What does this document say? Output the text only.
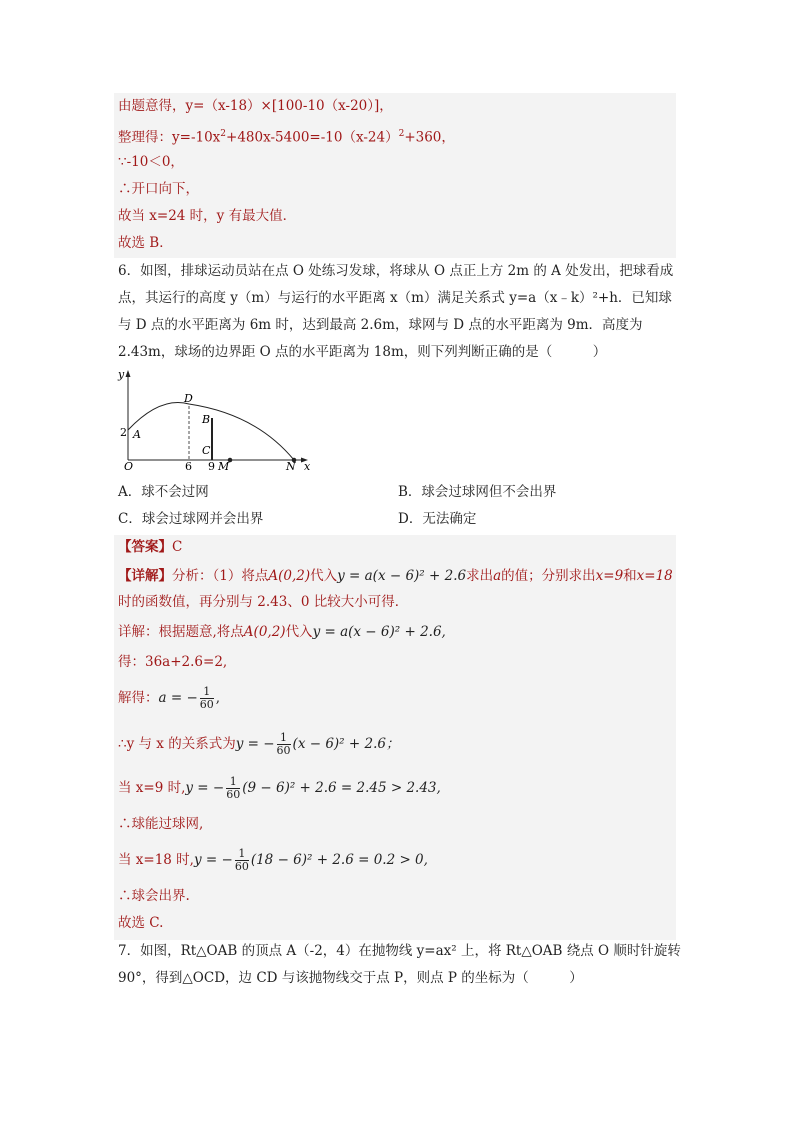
由题意得，y=（x-18）×[100-10（x-20）]，
整理得：$y=-10x^2+480x-5400=-10(x-24)^2+360$，
∵-10＜0，
∴开口向下，
故当 x=24 时，y 有最大值．
故选 B．
6．如图，排球运动员站在点 O 处练习发球，将球从 O 点正上方 2m 的 A 处发出，把球看成
点，其运行的高度 y（m）与运行的水平距离 x（m）满足关系式 y=a（x﹣k）²+h．已知球
与 D 点的水平距离为 6m 时，达到最高 2.6m，球网与 D 点的水平距离为 9m．高度为
2.43m，球场的边界距 O 点的水平距离为 18m，则下列判断正确的是（　　　）
y
x
O
2 A
D
B
C
6 9 M	N
A．球不会过网	B．球会过球网但不会出界
C．球会过球网并会出界	D．无法确定
【答案】C
【详解】分析：（1）将点A(0,2)代入y = a(x − 6)² + 2.6求出a的值；分别求出x=9和x=18
时的函数值，再分别与 2.43、0 比较大小可得．
详解：根据题意,将点A(0,2)代入y = a(x − 6)² + 2.6,
得：36a+2.6=2,
解得：a = − $\frac{1}{60}$ ,
∴y 与 x 的关系式为y = − $\frac{1}{60} (x - 6)^2 + 2.6$；
当 x=9 时,y = − $\frac{1}{60} (9 - 6)^2 + 2.6 = 2.45 > 2.43$,
∴球能过球网,
当 x=18 时,y = − $\frac{1}{60} (18 - 6)^2 + 2.6 = 0.2 > 0$,
∴球会出界.
故选 C.
7．如图，Rt△OAB 的顶点 A（-2，4）在抛物线 y=ax² 上，将 Rt△OAB 绕点 O 顺时针旋转
90°，得到△OCD，边 CD 与该抛物线交于点 P，则点 P 的坐标为（　　　）
